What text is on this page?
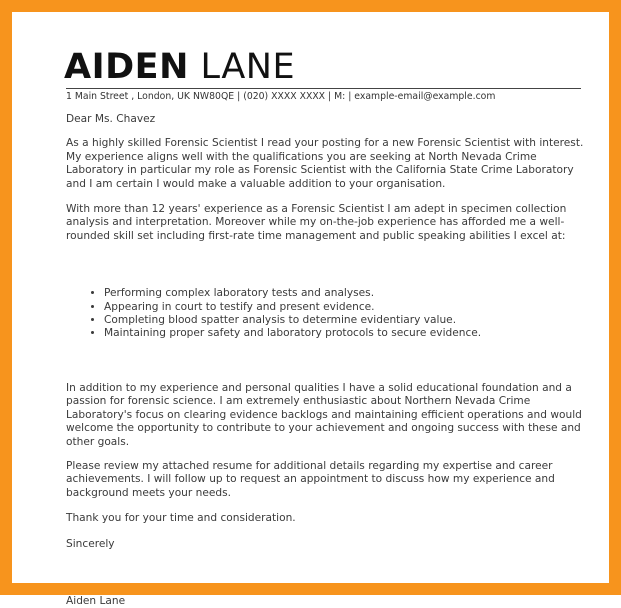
AIDEN LANE
1 Main Street , London, UK NW80QE | (020) XXXX XXXX | M: | example-email@example.com

Dear Ms. Chavez

As a highly skilled Forensic Scientist I read your posting for a new Forensic Scientist with interest. My experience aligns well with the qualifications you are seeking at North Nevada Crime Laboratory in particular my role as Forensic Scientist with the California State Crime Laboratory and I am certain I would make a valuable addition to your organisation.

With more than 12 years' experience as a Forensic Scientist I am adept in specimen collection analysis and interpretation. Moreover while my on-the-job experience has afforded me a well-rounded skill set including first-rate time management and public speaking abilities I excel at:

• Performing complex laboratory tests and analyses.
• Appearing in court to testify and present evidence.
• Completing blood spatter analysis to determine evidentiary value.
• Maintaining proper safety and laboratory protocols to secure evidence.

In addition to my experience and personal qualities I have a solid educational foundation and a passion for forensic science. I am extremely enthusiastic about Northern Nevada Crime Laboratory's focus on clearing evidence backlogs and maintaining efficient operations and would welcome the opportunity to contribute to your achievement and ongoing success with these and other goals.

Please review my attached resume for additional details regarding my expertise and career achievements. I will follow up to request an appointment to discuss how my experience and background meets your needs.

Thank you for your time and consideration.

Sincerely

Aiden Lane
